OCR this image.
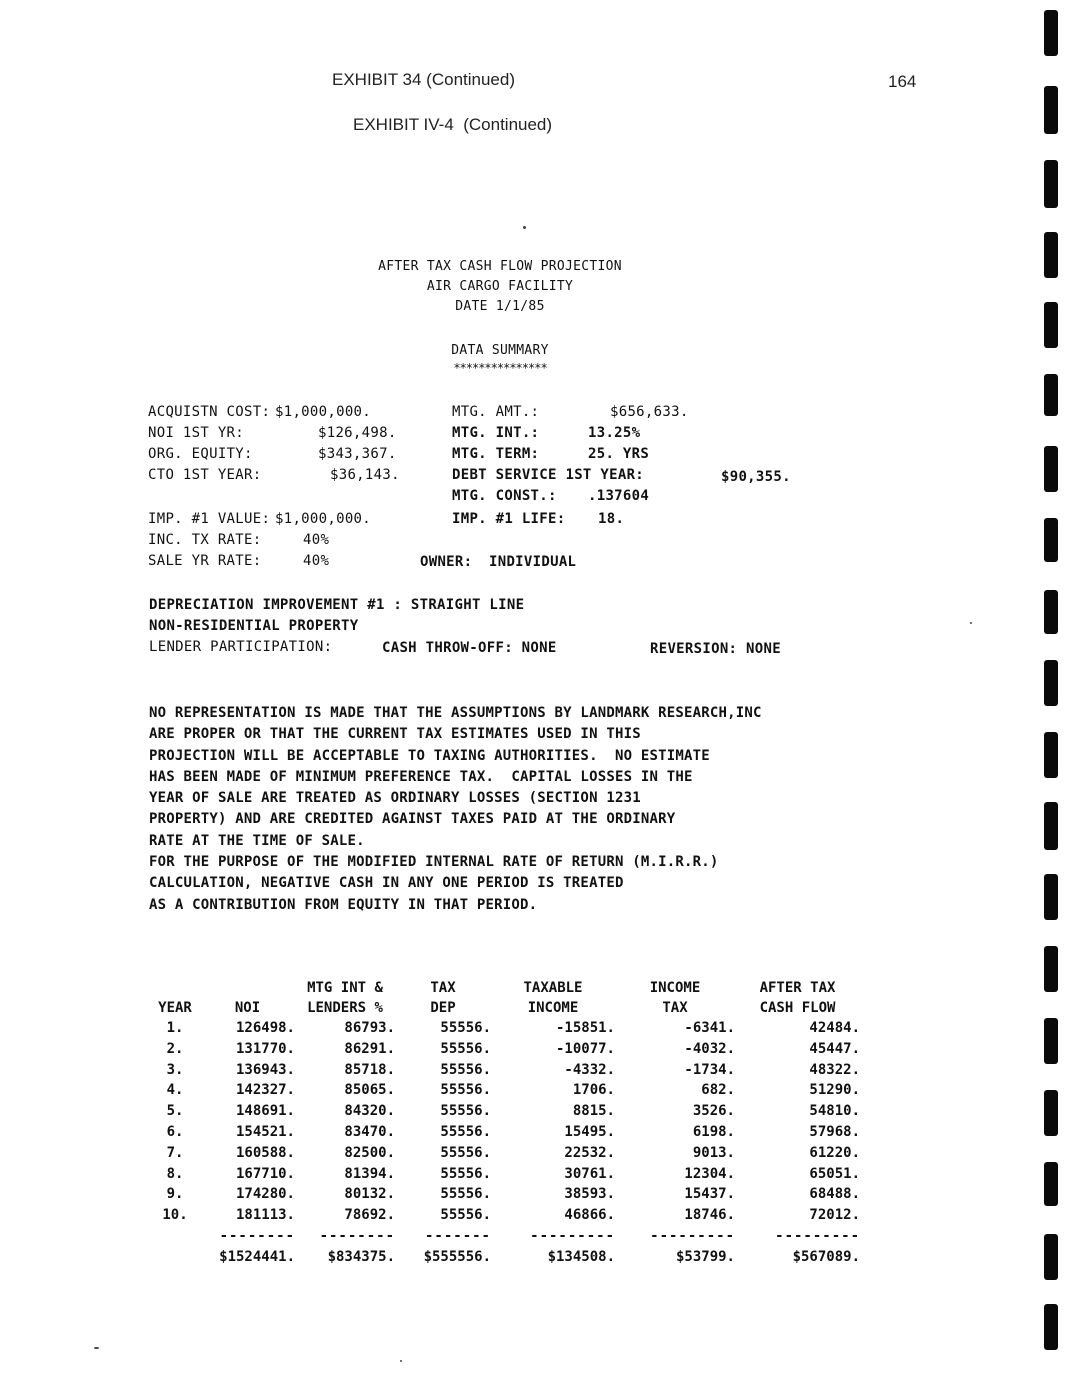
EXHIBIT 34 (Continued)	164
EXHIBIT IV-4  (Continued)
AFTER TAX CASH FLOW PROJECTION
AIR CARGO FACILITY
DATE 1/1/85
DATA SUMMARY
***************
ACQUISTN COST: $1,000,000.
NOI 1ST YR:	$126,498.
ORG. EQUITY:	$343,367.
CTO 1ST YEAR:	$36,143.
IMP. #1 VALUE: $1,000,000.
INC. TX RATE:	40%
SALE YR RATE:	40%
MTG. AMT.:	$656,633.
MTG. INT.:	13.25%
MTG. TERM:	25. YRS
DEBT SERVICE 1ST YEAR:	$90,355.
MTG. CONST.: .137604
IMP. #1 LIFE: 18.
OWNER: INDIVIDUAL
DEPRECIATION IMPROVEMENT #1 : STRAIGHT LINE
NON-RESIDENTIAL PROPERTY
LENDER PARTICIPATION:	CASH THROW-OFF: NONE	REVERSION: NONE
NO REPRESENTATION IS MADE THAT THE ASSUMPTIONS BY LANDMARK RESEARCH,INC
ARE PROPER OR THAT THE CURRENT TAX ESTIMATES USED IN THIS
PROJECTION WILL BE ACCEPTABLE TO TAXING AUTHORITIES.  NO ESTIMATE
HAS BEEN MADE OF MINIMUM PREFERENCE TAX.  CAPITAL LOSSES IN THE
YEAR OF SALE ARE TREATED AS ORDINARY LOSSES (SECTION 1231
PROPERTY) AND ARE CREDITED AGAINST TAXES PAID AT THE ORDINARY
RATE AT THE TIME OF SALE.
FOR THE PURPOSE OF THE MODIFIED INTERNAL RATE OF RETURN (M.I.R.R.)
CALCULATION, NEGATIVE CASH IN ANY ONE PERIOD IS TREATED
AS A CONTRIBUTION FROM EQUITY IN THAT PERIOD.
		MTG INT &	TAX	TAXABLE	INCOME	AFTER TAX
YEAR	NOI	LENDERS %	DEP	INCOME	TAX	CASH FLOW
1.	126498.	86793.	55556.	-15851.	-6341.	42484.
2.	131770.	86291.	55556.	-10077.	-4032.	45447.
3.	136943.	85718.	55556.	-4332.	-1734.	48322.
4.	142327.	85065.	55556.	1706.	682.	51290.
5.	148691.	84320.	55556.	8815.	3526.	54810.
6.	154521.	83470.	55556.	15495.	6198.	57968.
7.	160588.	82500.	55556.	22532.	9013.	61220.
8.	167710.	81394.	55556.	30761.	12304.	65051.
9.	174280.	80132.	55556.	38593.	15437.	68488.
10.	181113.	78692.	55556.	46866.	18746.	72012.
	--------	--------	-------	---------	---------	---------
	$1524441.	$834375.	$555556.	$134508.	$53799.	$567089.
